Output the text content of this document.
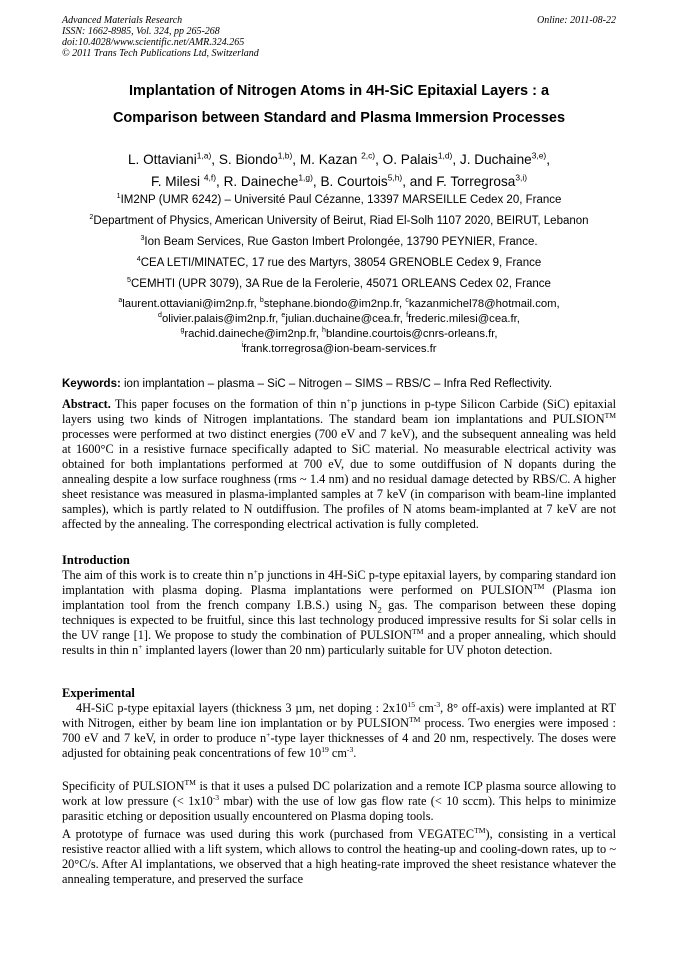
Advanced Materials Research
ISSN: 1662-8985, Vol. 324, pp 265-268
doi:10.4028/www.scientific.net/AMR.324.265
© 2011 Trans Tech Publications Ltd, Switzerland
Online: 2011-08-22
Implantation of Nitrogen Atoms in 4H-SiC Epitaxial Layers : a
Comparison between Standard and Plasma Immersion Processes
L. Ottaviani$^{1,a)}$, S. Biondo$^{1,b)}$, M. Kazan $^{2,c)}$, O. Palais$^{1,d)}$, J. Duchaine$^{3,e)}$,
F. Milesi $^{4,f)}$, R. Daineche$^{1,g)}$, B. Courtois$^{5,h)}$, and F. Torregrosa$^{3,i)}$
$^1$IM2NP (UMR 6242) – Université Paul Cézanne, 13397 MARSEILLE Cedex 20, France
$^2$Department of Physics, American University of Beirut, Riad El-Solh 1107 2020, BEIRUT, Lebanon
$^3$Ion Beam Services, Rue Gaston Imbert Prolongée, 13790 PEYNIER, France.
$^4$CEA LETI/MINATEC, 17 rue des Martyrs, 38054 GRENOBLE Cedex 9, France
$^5$CEMHTI (UPR 3079), 3A Rue de la Ferolerie, 45071 ORLEANS Cedex 02, France
$^a$laurent.ottaviani@im2np.fr, $^b$stephane.biondo@im2np.fr, $^c$kazanmichel78@hotmail.com,
$^d$olivier.palais@im2np.fr, $^e$julian.duchaine@cea.fr, $^f$frederic.milesi@cea.fr,
$^g$rachid.daineche@im2np.fr, $^h$blandine.courtois@cnrs-orleans.fr,
$^i$frank.torregrosa@ion-beam-services.fr
Keywords: ion implantation – plasma – SiC – Nitrogen – SIMS – RBS/C – Infra Red Reflectivity.
Abstract. This paper focuses on the formation of thin n+p junctions in p-type Silicon Carbide (SiC) epitaxial layers using two kinds of Nitrogen implantations. The standard beam ion implantations and PULSION™ processes were performed at two distinct energies (700 eV and 7 keV), and the subsequent annealing was held at 1600°C in a resistive furnace specifically adapted to SiC material. No measurable electrical activity was obtained for both implantations performed at 700 eV, due to some outdiffusion of N dopants during the annealing despite a low surface roughness (rms ~ 1.4 nm) and no residual damage detected by RBS/C. A higher sheet resistance was measured in plasma-implanted samples at 7 keV (in comparison with beam-line implanted samples), which is partly related to N outdiffusion. The profiles of N atoms beam-implanted at 7 keV are not affected by the annealing. The corresponding electrical activation is fully completed.
Introduction
The aim of this work is to create thin n+p junctions in 4H-SiC p-type epitaxial layers, by comparing standard ion implantation with plasma doping. Plasma implantations were performed on PULSION™ (Plasma ion implantation tool from the french company I.B.S.) using $N_2$ gas. The comparison between these doping techniques is expected to be fruitful, since this last technology produced impressive results for Si solar cells in the UV range [1]. We propose to study the combination of PULSION™ and a proper annealing, which should results in thin n+ implanted layers (lower than 20 nm) particularly suitable for UV photon detection.
Experimental
4H-SiC p-type epitaxial layers (thickness 3 µm, net doping : $2x10^{15}$ $cm^{-3}$, 8° off-axis) were implanted at RT with Nitrogen, either by beam line ion implantation or by PULSION™ process. Two energies were imposed : 700 eV and 7 keV, in order to produce n+-type layer thicknesses of 4 and 20 nm, respectively. The doses were adjusted for obtaining peak concentrations of few $10^{19}$ $cm^{-3}$.
Specificity of PULSION™ is that it uses a pulsed DC polarization and a remote ICP plasma source allowing to work at low pressure (< $1x10^{-3}$ mbar) with the use of low gas flow rate (< 10 sccm). This helps to minimize parasitic etching or deposition usually encountered on Plasma doping tools.
A prototype of furnace was used during this work (purchased from VEGATEC™), consisting in a vertical resistive reactor allied with a lift system, which allows to control the heating-up and cooling-down rates, up to ~ 20°C/s. After Al implantations, we observed that a high heating-rate improved the sheet resistance whatever the annealing temperature, and preserved the surface
